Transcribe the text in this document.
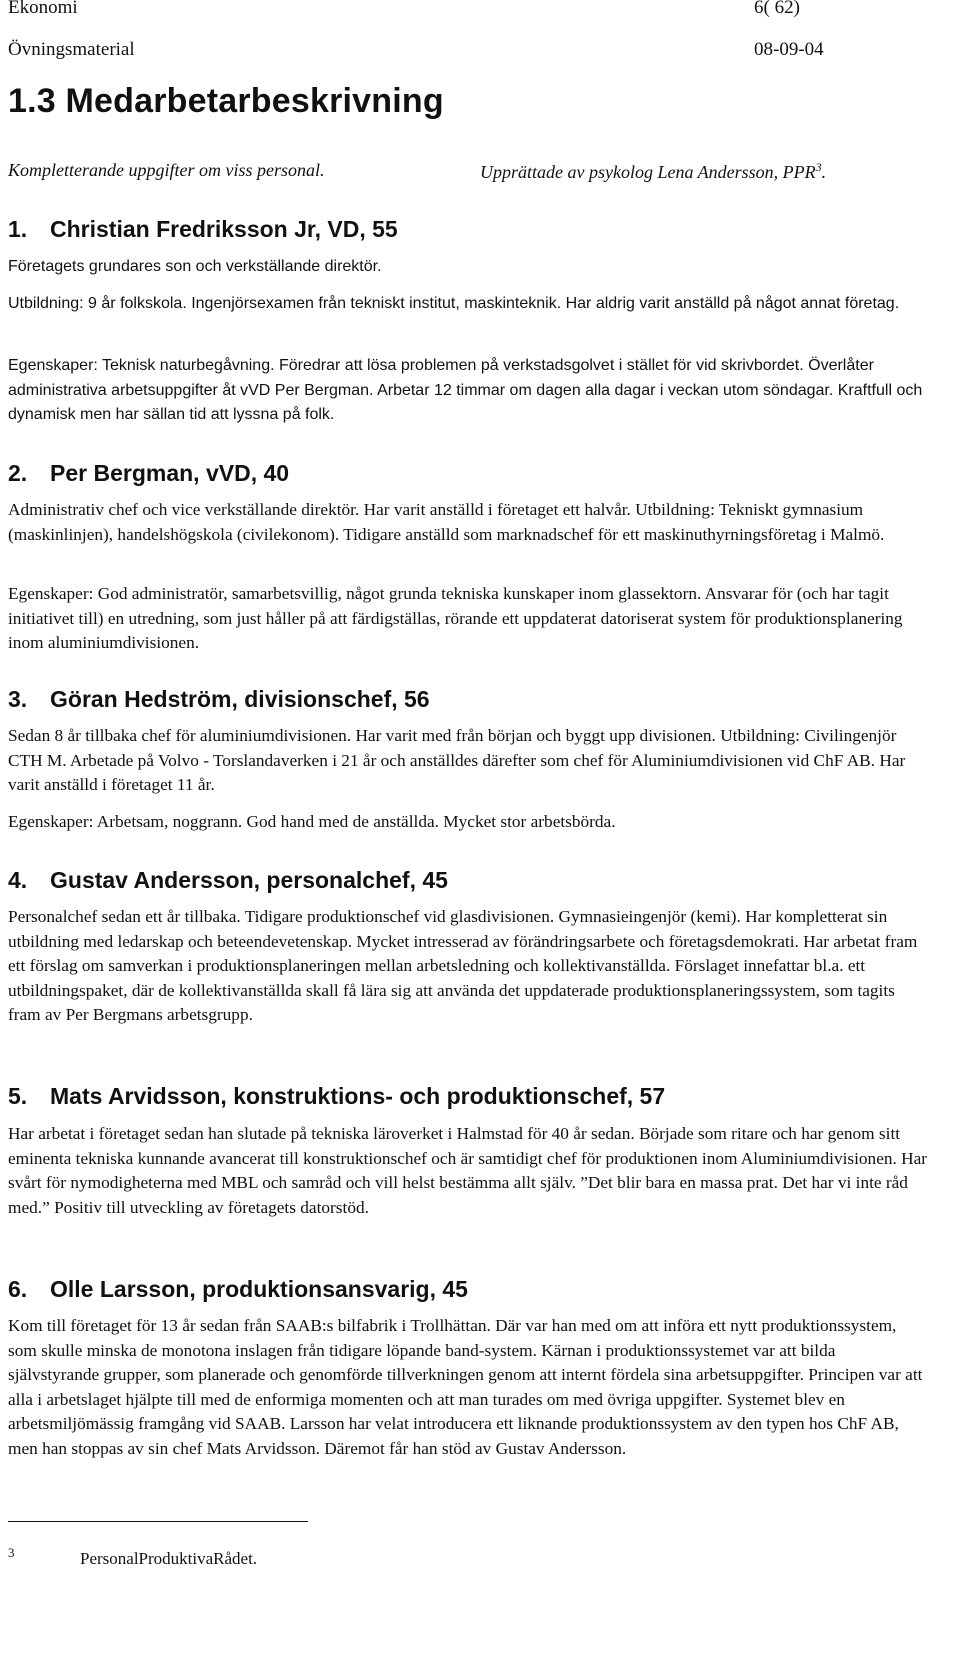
Ekonomi	6( 62)
Övningsmaterial	08-09-04
1.3 Medarbetarbeskrivning
Kompletterande uppgifter om viss personal.	Upprättade av psykolog Lena Andersson, PPR$^3$.
1. Christian Fredriksson Jr, VD, 55
Företagets grundares son och verkställande direktör.
Utbildning: 9 år folkskola. Ingenjörsexamen från tekniskt institut, maskinteknik. Har aldrig varit anställd på något annat företag.
Egenskaper: Teknisk naturbegåvning. Föredrar att lösa problemen på verkstadsgolvet i stället för vid skrivbordet. Överlåter administrativa arbetsuppgifter åt vVD Per Bergman. Arbetar 12 timmar om dagen alla dagar i veckan utom söndagar. Kraftfull och dynamisk men har sällan tid att lyssna på folk.
2. Per Bergman, vVD, 40
Administrativ chef och vice verkställande direktör. Har varit anställd i företaget ett halvår. Utbildning: Tekniskt gymnasium (maskinlinjen), handelshögskola (civilekonom). Tidigare anställd som marknadschef för ett maskinuthyrningsföretag i Malmö.
Egenskaper: God administratör, samarbetsvillig, något grunda tekniska kunskaper inom glassektorn. Ansvarar för (och har tagit initiativet till) en utredning, som just håller på att färdigställas, rörande ett uppdaterat datoriserat system för produktionsplanering inom aluminiumdivisionen.
3. Göran Hedström, divisionschef, 56
Sedan 8 år tillbaka chef för aluminiumdivisionen. Har varit med från början och byggt upp divisionen. Utbildning: Civilingenjör CTH M. Arbetade på Volvo - Torslandaverken i 21 år och anställdes därefter som chef för Aluminiumdivisionen vid ChF AB. Har varit anställd i företaget 11 år.
Egenskaper: Arbetsam, noggrann. God hand med de anställda. Mycket stor arbetsbörda.
4. Gustav Andersson, personalchef, 45
Personalchef sedan ett år tillbaka. Tidigare produktionschef vid glasdivisionen. Gymnasieingenjör (kemi). Har kompletterat sin utbildning med ledarskap och beteendevetenskap. Mycket intresserad av förändringsarbete och företagsdemokrati. Har arbetat fram ett förslag om samverkan i produktionsplaneringen mellan arbetsledning och kollektivanställda. Förslaget innefattar bl.a. ett utbildningspaket, där de kollektivanställda skall få lära sig att använda det uppdaterade produktionsplaneringssystem, som tagits fram av Per Bergmans arbetsgrupp.
5. Mats Arvidsson, konstruktions- och produktionschef, 57
Har arbetat i företaget sedan han slutade på tekniska läroverket i Halmstad för 40 år sedan. Började som ritare och har genom sitt eminenta tekniska kunnande avancerat till konstruktionschef och är samtidigt chef för produktionen inom Aluminiumdivisionen. Har svårt för nymodigheterna med MBL och samråd och vill helst bestämma allt själv. ”Det blir bara en massa prat. Det har vi inte råd med.” Positiv till utveckling av företagets datorstöd.
6. Olle Larsson, produktionsansvarig, 45
Kom till företaget för 13 år sedan från SAAB:s bilfabrik i Trollhättan. Där var han med om att införa ett nytt produktionssystem, som skulle minska de monotona inslagen från tidigare löpande band-system. Kärnan i produktionssystemet var att bilda självstyrande grupper, som planerade och genomförde tillverkningen genom att internt fördela sina arbetsuppgifter. Principen var att alla i arbetslaget hjälpte till med de enformiga momenten och att man turades om med övriga uppgifter. Systemet blev en arbetsmiljömässig framgång vid SAAB. Larsson har velat introducera ett liknande produktionssystem av den typen hos ChF AB, men han stoppas av sin chef Mats Arvidsson. Däremot får han stöd av Gustav Andersson.
3	PersonalProduktivaRådet.
